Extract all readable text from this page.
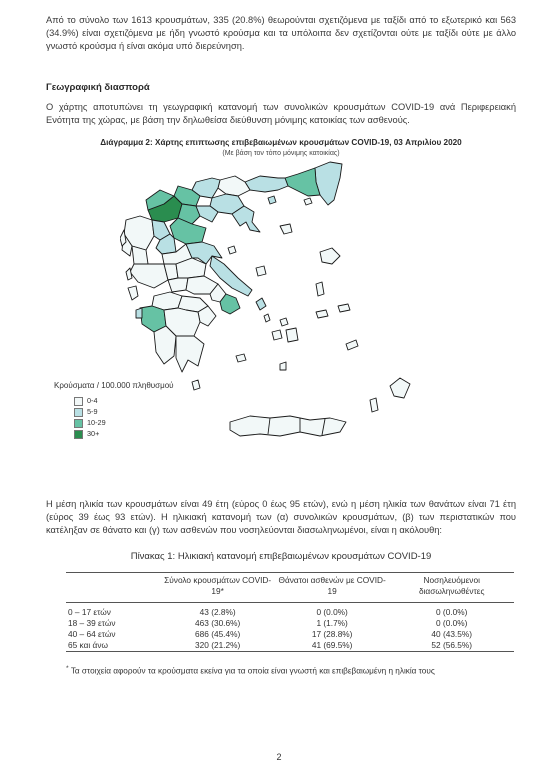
Από το σύνολο των 1613 κρουσμάτων, 335 (20.8%) θεωρούνται σχετιζόμενα με ταξίδι από το εξωτερικό και 563 (34.9%) είναι σχετιζόμενα με ήδη γνωστό κρούσμα και τα υπόλοιπα δεν σχετίζονται ούτε με ταξίδι ούτε με άλλο γνωστό κρούσμα ή είναι ακόμα υπό διερεύνηση.
Γεωγραφική διασπορά
Ο χάρτης αποτυπώνει τη γεωγραφική κατανομή των συνολικών κρουσμάτων COVID-19 ανά Περιφερειακή Ενότητα της χώρας, με βάση την δηλωθείσα διεύθυνση μόνιμης κατοικίας των ασθενούς.
Διάγραμμα 2: Χάρτης επιπτωσης επιβεβαιωμένων κρουσμάτων COVID-19, 03 Απριλίου 2020
(Με βάση τον τόπο μόνιμης κατοικίας)
Κρούσματα / 100.000 πληθυσμού
0-4
5-9
10-29
30+
Η μέση ηλικία των κρουσμάτων είναι 49 έτη (εύρος 0 έως 95 ετών), ενώ η μέση ηλικία των θανάτων είναι 71 έτη (εύρος 39 έως 93 ετών). Η ηλικιακή κατανομή των (α) συνολικών κρουσμάτων, (β) των περιστατικών που κατέληξαν σε θάνατο και (γ) των ασθενών που νοσηλεύονται διασωληνωμένοι, είναι η ακόλουθη:
Πίνακας 1: Ηλικιακή κατανομή επιβεβαιωμένων κρουσμάτων COVID-19
	Σύνολο κρουσμάτων COVID-19*	Θάνατοι ασθενών με COVID-19	Νοσηλευόμενοι διασωληνωθέντες
0 – 17 ετών	43 (2.8%)	0 (0.0%)	0 (0.0%)
18 – 39 ετών	463 (30.6%)	1 (1.7%)	0 (0.0%)
40 – 64 ετών	686 (45.4%)	17 (28.8%)	40 (43.5%)
65 και άνω	320 (21.2%)	41 (69.5%)	52 (56.5%)
* Τα στοιχεία αφορούν τα κρούσματα εκείνα για τα οποία είναι γνωστή και επιβεβαιωμένη η ηλικία τους
2
